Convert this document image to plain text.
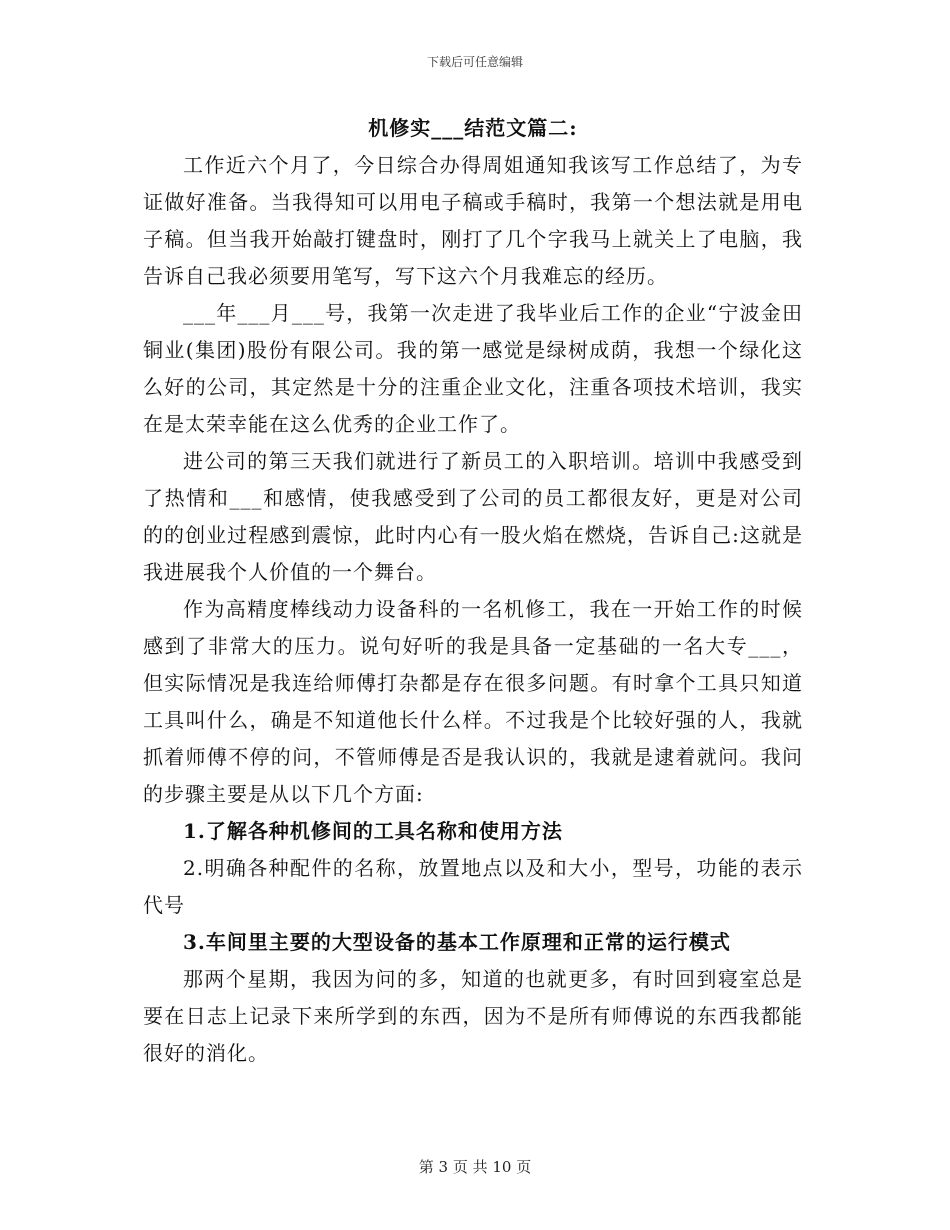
下载后可任意编辑

机修实___结范文篇二:

工作近六个月了，今日综合办得周姐通知我该写工作总结了，为专证做好准备。当我得知可以用电子稿或手稿时，我第一个想法就是用电子稿。但当我开始敲打键盘时，刚打了几个字我马上就关上了电脑，我告诉自己我必须要用笔写，写下这六个月我难忘的经历。

___年___月___号，我第一次走进了我毕业后工作的企业“宁波金田铜业(集团)股份有限公司。我的第一感觉是绿树成荫，我想一个绿化这么好的公司，其定然是十分的注重企业文化，注重各项技术培训，我实在是太荣幸能在这么优秀的企业工作了。

进公司的第三天我们就进行了新员工的入职培训。培训中我感受到了热情和___和感情，使我感受到了公司的员工都很友好，更是对公司的的创业过程感到震惊，此时内心有一股火焰在燃烧，告诉自己:这就是我进展我个人价值的一个舞台。

作为高精度棒线动力设备科的一名机修工，我在一开始工作的时候感到了非常大的压力。说句好听的我是具备一定基础的一名大专___，但实际情况是我连给师傅打杂都是存在很多问题。有时拿个工具只知道工具叫什么，确是不知道他长什么样。不过我是个比较好强的人，我就抓着师傅不停的问，不管师傅是否是我认识的，我就是逮着就问。我问的步骤主要是从以下几个方面:

1.了解各种机修间的工具名称和使用方法

2.明确各种配件的名称，放置地点以及和大小，型号，功能的表示代号

3.车间里主要的大型设备的基本工作原理和正常的运行模式

那两个星期，我因为问的多，知道的也就更多，有时回到寝室总是要在日志上记录下来所学到的东西，因为不是所有师傅说的东西我都能很好的消化。

第 3 页 共 10 页
